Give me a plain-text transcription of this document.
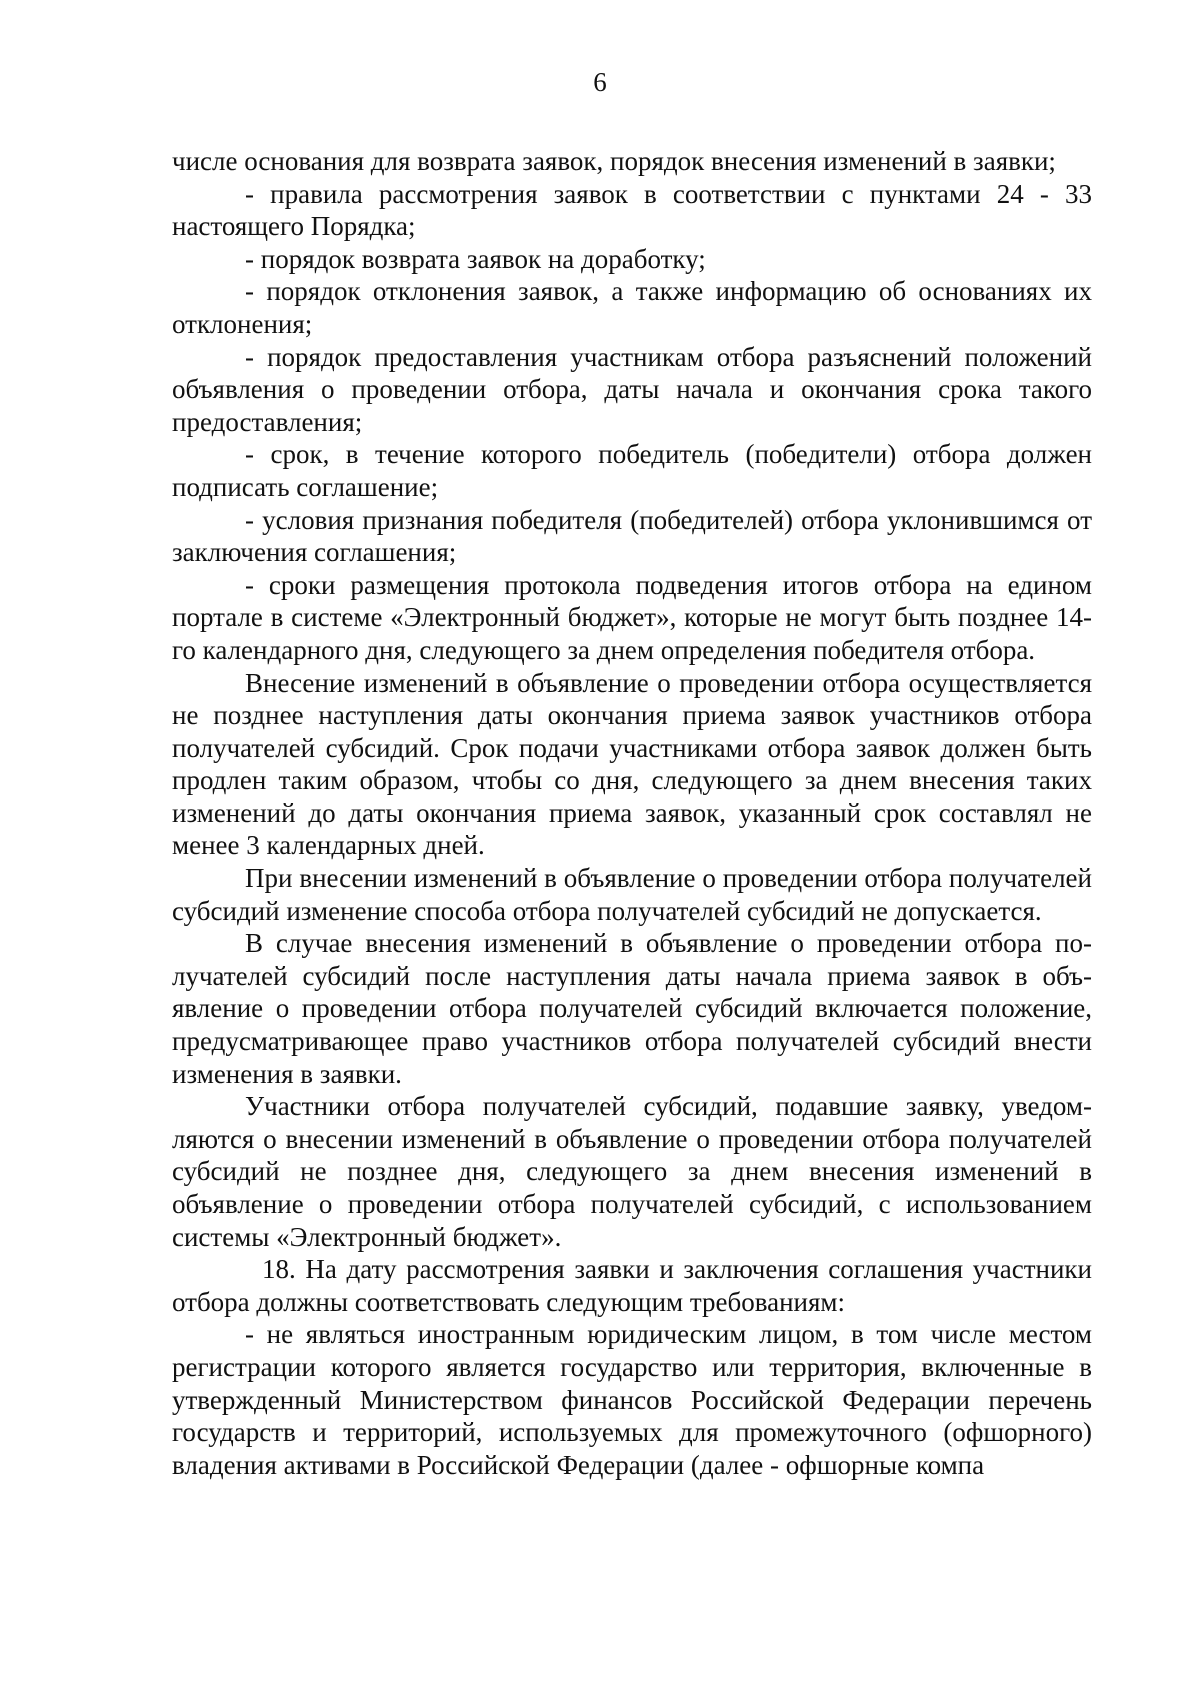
6

числе основания для возврата заявок, порядок внесения изменений в заявки;

- правила рассмотрения заявок в соответствии с пунктами 24 - 33 настоящего Порядка;

- порядок возврата заявок на доработку;

- порядок отклонения заявок, а также информацию об основаниях их отклонения;

- порядок предоставления участникам отбора разъяснений положений объявления о проведении отбора, даты начала и окончания срока такого предоставления;

- срок, в течение которого победитель (победители) отбора должен подписать соглашение;

- условия признания победителя (победителей) отбора уклонившимся от заключения соглашения;

- сроки размещения протокола подведения итогов отбора на едином портале в системе «Электронный бюджет», которые не могут быть позднее 14-го календарного дня, следующего за днем определения победителя отбора.

Внесение изменений в объявление о проведении отбора осуществляется не позднее наступления даты окончания приема заявок участников отбора получателей субсидий. Срок подачи участниками отбора заявок должен быть продлен таким образом, чтобы со дня, следующего за днем внесения таких изменений до даты окончания приема заявок, указанный срок составлял не менее 3 календарных дней.

При внесении изменений в объявление о проведении отбора получателей субсидий изменение способа отбора получателей субсидий не допускается.

В случае внесения изменений в объявление о проведении отбора получателей субсидий после наступления даты начала приема заявок в объявление о проведении отбора получателей субсидий включается положение, предусматривающее право участников отбора получателей субсидий внести изменения в заявки.

Участники отбора получателей субсидий, подавшие заявку, уведомляются о внесении изменений в объявление о проведении отбора получателей субсидий не позднее дня, следующего за днем внесения изменений в объявление о проведении отбора получателей субсидий, с использованием системы «Электронный бюджет».

18. На дату рассмотрения заявки и заключения соглашения участники отбора должны соответствовать следующим требованиям:

- не являться иностранным юридическим лицом, в том числе местом регистрации которого является государство или территория, включенные в утвержденный Министерством финансов Российской Федерации перечень государств и территорий, используемых для промежуточного (офшорного) владения активами в Российской Федерации (далее - офшорные компа
